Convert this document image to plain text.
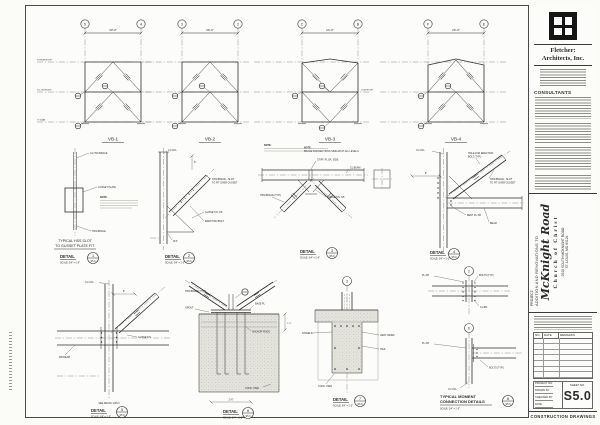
Fletcher:
Architects, Inc.
CONSULTANTS
PROJECT: ADDITION AND RENOVATIONS TO McKnight Road Church of Christ 2515 SOUTH MCKNIGHT ROAD ST. LOUIS, MO 63124
NO.	DATE	REMARKS
PROJECT NO.
DRAWN BY
CHECKED BY
DATE
SHEET NO.
S5.0
CONSTRUCTION DRAWINGS
T/ HIGH ROOF
T/ LOW ROOF
T/ SLAB
5	4
30'-0"
VB-1
3	2
30'-0"
VB-2
LOW ROOF
C	B
24'-0"
VB-3
NOTE:
BRACE CONNECTIONS SIMILAR AT ALL LEVELS.
F	E
26'-0"
VB-4
CL HSS BRACE
GUSSET PLATE
NOTE:
HSS BRACE
TYPICAL HSS SLOT
TO GUSSET PLATE FIT.
DETAIL
SCALE: 3/4" = 1'-0"
1
S5.0
6"
CL COL.
HSS BRACE - SLOT
TO FIT OVER GUSSET
GUSSET PL 3/8
ERECTION BOLT
W.P.
DETAIL
SCALE: 3/4" = 1'-0"
2
S5.0
NOTE:
HSS BRACE (TYP.)
GUSSET PL 3/8
CL BEAM
STIFF. PL EA. SIDE
DETAIL
SCALE: 3/4" = 1'-0"
3
S5.0
8"
CL COL.
HOLE FOR ERECTION
BOLT (TYP.)
HSS BRACE - SLOT
TO FIT OVER GUSSET
BENT PL 3/8
BEAM
DETAIL
SCALE: 3/4" = 1'-0"
4
S5.0
6"
CL COL.
GUSSET PL
W8 BEAM
SEE DETAIL 1/S5.0
DETAIL
SCALE: 3/4" = 1'-0"
5
S5.0
1'-3"
2'-6"
HSS BRACE (TYP.)
BASE PL
ANCHOR RODS
GROUT
CONC. PIER
DETAIL
SCALE: 3/4" = 1'-0"
6
S5.0
3
DOWELS
VERT. REINF.
TIES
CONC. PIER
DETAIL
SCALE: 3/4" = 1'-0"
7
S5.0
2
PL 3/8	BOLTS (TYP.)
CL BM
6
PL 3/8
BOLTS (TYP.)
CL COL.
TYPICAL MOMENT
CONNECTION DETAILS
SCALE: 3/4" = 1'-0"
8
S5.0
